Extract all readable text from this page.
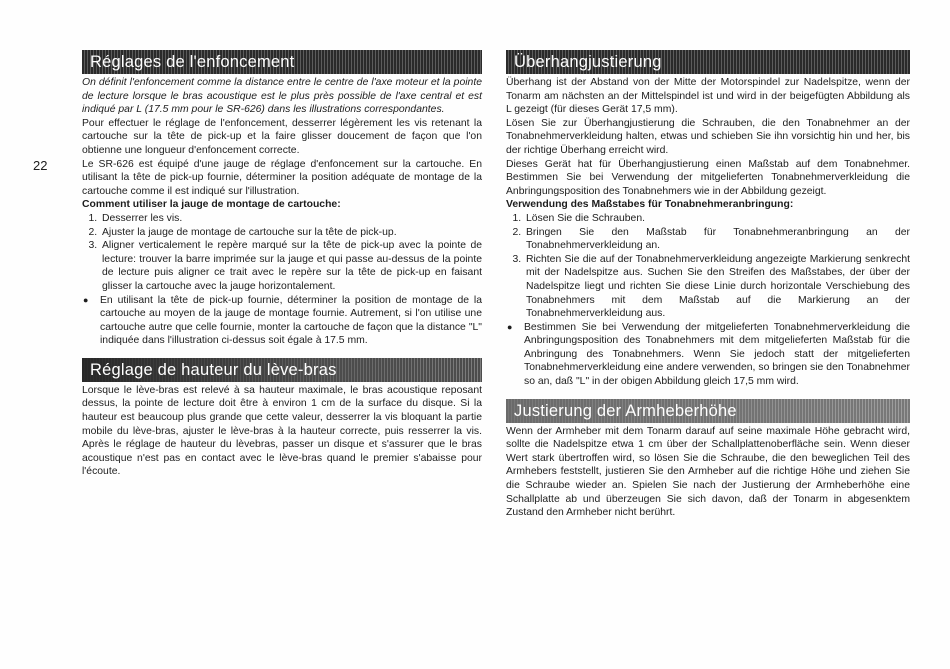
22
Réglages de l'enfoncement

On définit l'enfoncement comme la distance entre le centre de l'axe moteur et la pointe de lecture lorsque le bras acoustique est le plus près possible de l'axe central et est indiqué par L (17.5 mm pour le SR-626) dans les illustrations correspondantes.

Pour effectuer le réglage de l'enfoncement, desserrer légèrement les vis retenant la cartouche sur la tête de pick-up et la faire glisser doucement de façon que l'on obtienne une longueur d'enfoncement correcte.

Le SR-626 est équipé d'une jauge de réglage d'enfoncement sur la cartouche. En utilisant la tête de pick-up fournie, déterminer la position adéquate de montage de la cartouche comme il est indiqué sur l'illustration.

Comment utiliser la jauge de montage de cartouche:

1. Desserrer les vis.
2. Ajuster la jauge de montage de cartouche sur la tête de pick-up.
3. Aligner verticalement le repère marqué sur la tête de pick-up avec la pointe de lecture: trouver la barre imprimée sur la jauge et qui passe au-dessus de la pointe de lecture puis aligner ce trait avec le repère sur la tête de pick-up en faisant glisser la cartouche avec la jauge horizontalement.
● En utilisant la tête de pick-up fournie, déterminer la position de montage de la cartouche au moyen de la jauge de montage fournie. Autrement, si l'on utilise une cartouche autre que celle fournie, monter la cartouche de façon que la distance "L" indiquée dans l'illustration ci-dessus soit égale à 17.5 mm.
Réglage de hauteur du lève-bras

Lorsque le lève-bras est relevé à sa hauteur maximale, le bras acoustique reposant dessus, la pointe de lecture doit être à environ 1 cm de la surface du disque. Si la hauteur est beaucoup plus grande que cette valeur, desserrer la vis bloquant la partie mobile du lève-bras, ajuster le lève-bras à la hauteur correcte, puis resserrer la vis. Après le réglage de hauteur du lèvebras, passer un disque et s'assurer que le bras acoustique n'est pas en contact avec le lève-bras quand le premier s'abaisse pour l'écoute.

Überhangjustierung

Überhang ist der Abstand von der Mitte der Motorspindel zur Nadelspitze, wenn der Tonarm am nächsten an der Mittelspindel ist und wird in der beigefügten Abbildung als L gezeigt (für dieses Gerät 17,5 mm).

Lösen Sie zur Überhangjustierung die Schrauben, die den Tonabnehmer an der Tonabnehmerverkleidung halten, etwas und schieben Sie ihn vorsichtig hin und her, bis der richtige Überhang erreicht wird.

Dieses Gerät hat für Überhangjustierung einen Maßstab auf dem Tonabnehmer. Bestimmen Sie bei Verwendung der mitgelieferten Tonabnehmerverkleidung die Anbringungsposition des Tonabnehmers wie in der Abbildung gezeigt.

Verwendung des Maßstabes für Tonabnehmeranbringung:

1. Lösen Sie die Schrauben.
2. Bringen Sie den Maßstab für Tonabnehmeranbringung an der Tonabnehmerverkleidung an.
3. Richten Sie die auf der Tonabnehmerverkleidung angezeigte Markierung senkrecht mit der Nadelspitze aus. Suchen Sie den Streifen des Maßstabes, der über der Nadelspitze liegt und richten Sie diese Linie durch horizontale Verschiebung des Tonabnehmers mit dem Maßstab auf die Markierung an der Tonabnehmerverkleidung aus.
● Bestimmen Sie bei Verwendung der mitgelieferten Tonabnehmerverkleidung die Anbringungsposition des Tonabnehmers mit dem mitgelieferten Maßstab für die Anbringung des Tonabnehmers. Wenn Sie jedoch statt der mitgelieferten Tonabnehmerverkleidung eine andere verwenden, so bringen sie den Tonabnehmer so an, daß "L" in der obigen Abbildung gleich 17,5 mm wird.
Justierung der Armheberhöhe

Wenn der Armheber mit dem Tonarm darauf auf seine maximale Höhe gebracht wird, sollte die Nadelspitze etwa 1 cm über der Schallplattenoberfläche sein. Wenn dieser Wert stark übertroffen wird, so lösen Sie die Schraube, die den beweglichen Teil des Armhebers feststellt, justieren Sie den Armheber auf die richtige Höhe und ziehen Sie die Schraube wieder an. Spielen Sie nach der Justierung der Armheberhöhe eine Schallplatte ab und überzeugen Sie sich davon, daß der Tonarm in abgesenktem Zustand den Armheber nicht berührt.
